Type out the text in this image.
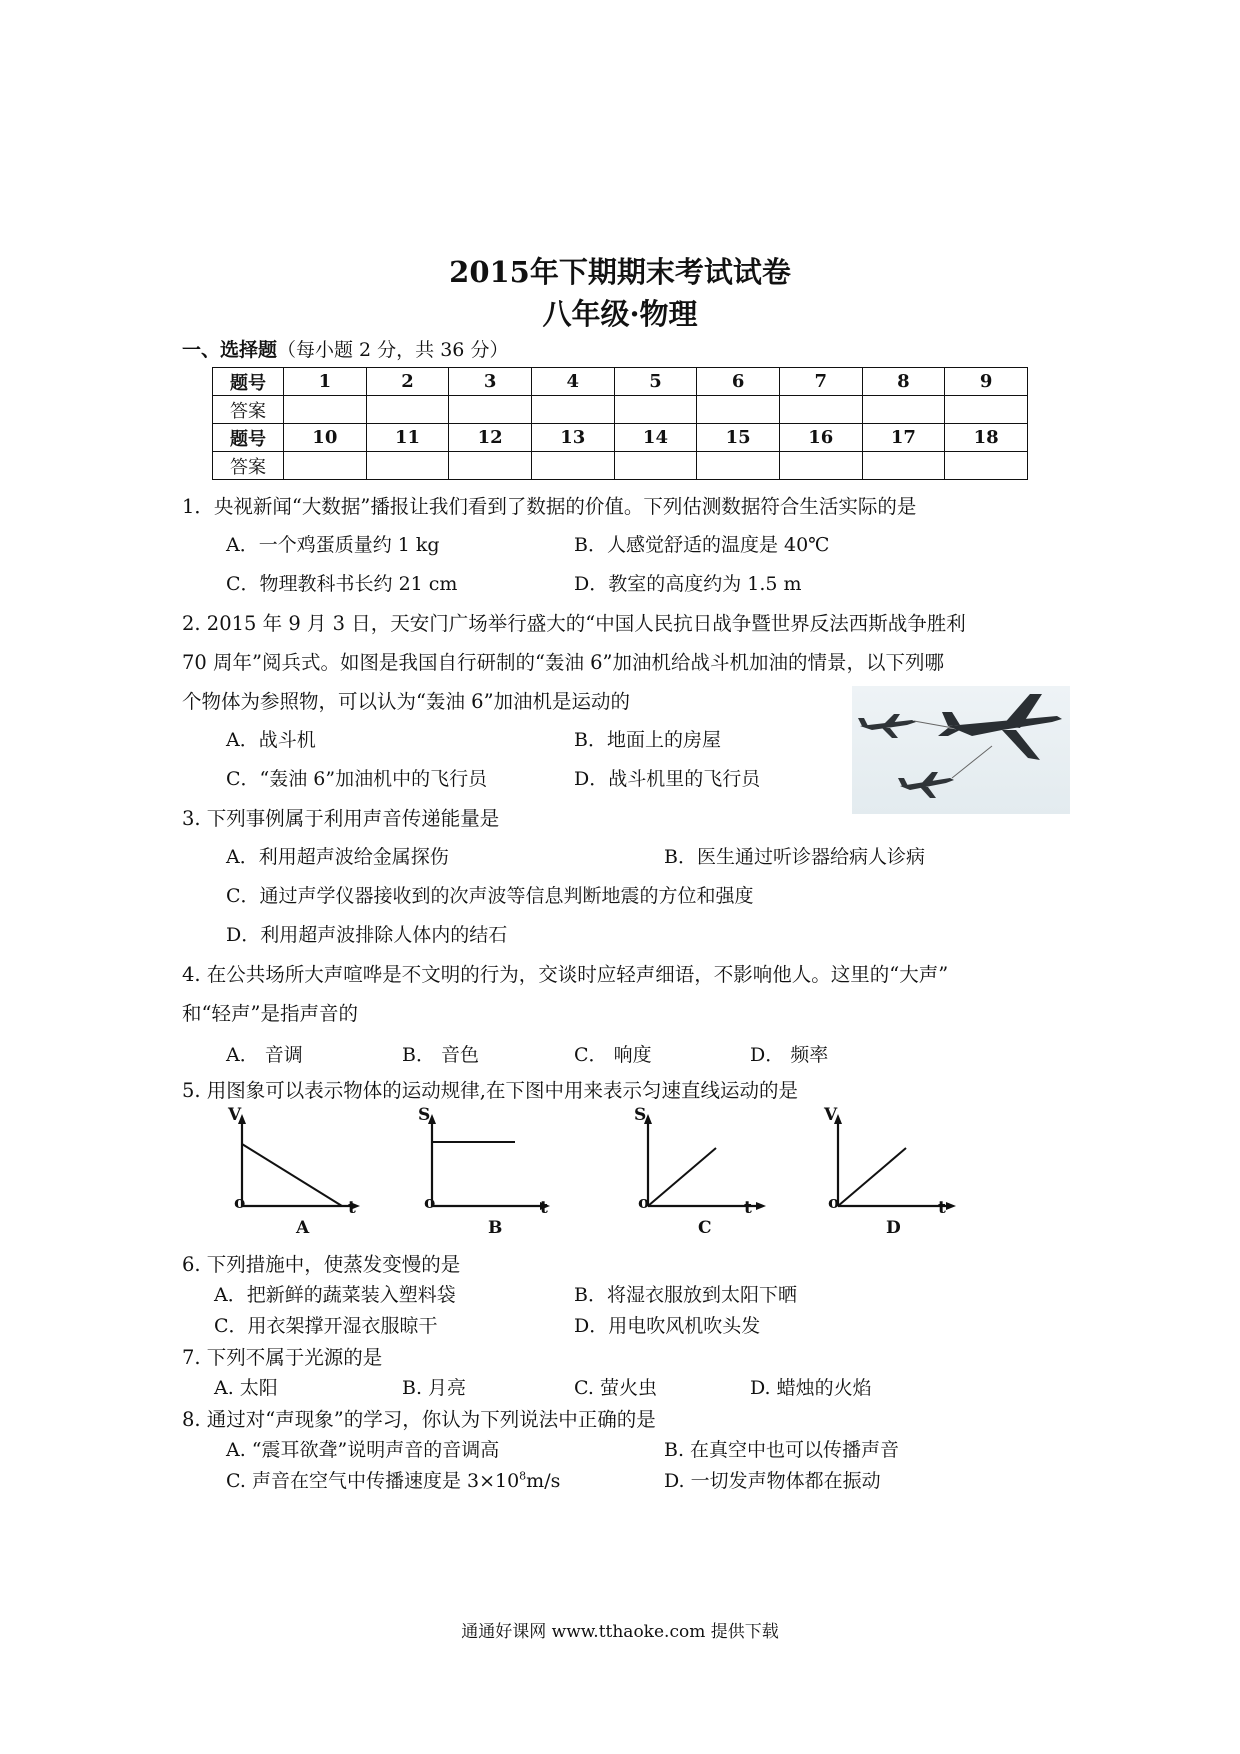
2015年下期期末考试试卷
八年级·物理
一、选择题（每小题 2 分，共 36 分）
题号	1	2	3	4	5	6	7	8	9
答案									
题号	10	11	12	13	14	15	16	17	18
答案									
1．央视新闻“大数据”播报让我们看到了数据的价值。下列估测数据符合生活实际的是
A．一个鸡蛋质量约 1 kg	B．人感觉舒适的温度是 40℃
C．物理教科书长约 21 cm	D．教室的高度约为 1.5 m
2. 2015 年 9 月 3 日，天安门广场举行盛大的“中国人民抗日战争暨世界反法西斯战争胜利
70 周年”阅兵式。如图是我国自行研制的“轰油 6”加油机给战斗机加油的情景，以下列哪
个物体为参照物，可以认为“轰油 6”加油机是运动的
A．战斗机	B．地面上的房屋
C．“轰油 6”加油机中的飞行员	D．战斗机里的飞行员
3. 下列事例属于利用声音传递能量是
A．利用超声波给金属探伤	B．医生通过听诊器给病人诊病
C．通过声学仪器接收到的次声波等信息判断地震的方位和强度
D．利用超声波排除人体内的结石
4. 在公共场所大声喧哗是不文明的行为，交谈时应轻声细语，不影响他人。这里的“大声”
和“轻声”是指声音的
A． 音调	B． 音色	C． 响度	D． 频率
5. 用图象可以表示物体的运动规律,在下图中用来表示匀速直线运动的是
V
o	t
A
S
o	t
B
S
o	t
C
V
o	t
D
6. 下列措施中，使蒸发变慢的是
A．把新鲜的蔬菜装入塑料袋	B．将湿衣服放到太阳下晒
C．用衣架撑开湿衣服晾干	D．用电吹风机吹头发
7. 下列不属于光源的是
A. 太阳	B. 月亮	C. 萤火虫	D. 蜡烛的火焰
8. 通过对“声现象”的学习，你认为下列说法中正确的是
A. “震耳欲聋”说明声音的音调高	B. 在真空中也可以传播声音
C. 声音在空气中传播速度是 $3\times 10^8m/s$	D. 一切发声物体都在振动
通通好课网 www.tthaoke.com 提供下载
